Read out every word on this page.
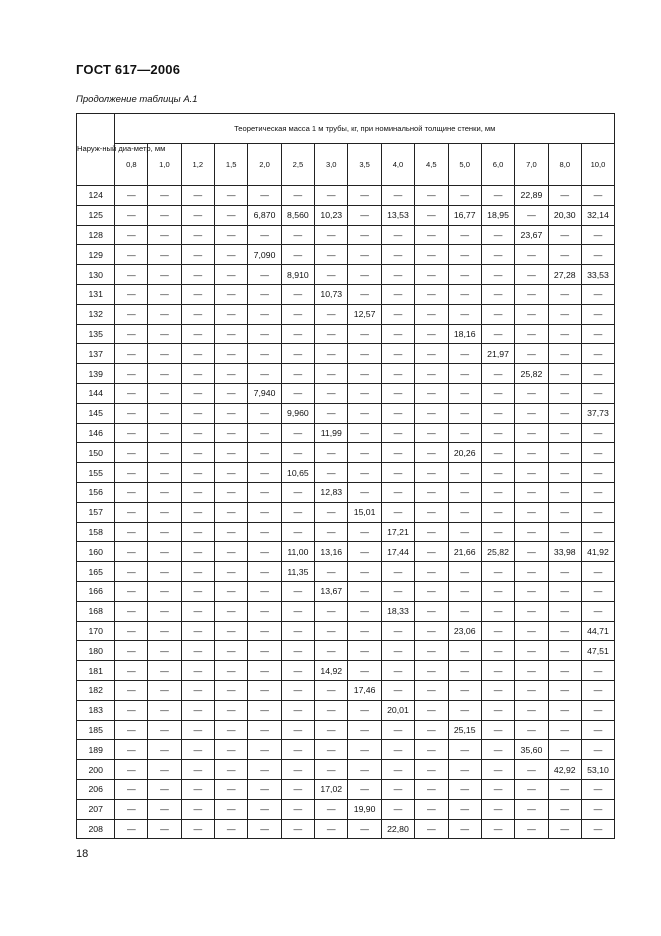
ГОСТ 617—2006
Продолжение таблицы А.1
Наруж-ный диа-метр, мм	Теоретическая масса 1 м трубы, кг, при номинальной толщине стенки, мм														
	0,8	1,0	1,2	1,5	2,0	2,5	3,0	3,5	4,0	4,5	5,0	6,0	7,0	8,0	10,0
124	—	—	—	—	—	—	—	—	—	—	—	—	22,89	—	—
125	—	—	—	—	6,870	8,560	10,23	—	13,53	—	16,77	18,95	—	20,30	32,14
128	—	—	—	—	—	—	—	—	—	—	—	—	23,67	—	—
129	—	—	—	—	7,090	—	—	—	—	—	—	—	—	—	—
130	—	—	—	—	—	8,910	—	—	—	—	—	—	—	27,28	33,53
131	—	—	—	—	—	—	10,73	—	—	—	—	—	—	—	—
132	—	—	—	—	—	—	—	12,57	—	—	—	—	—	—	—
135	—	—	—	—	—	—	—	—	—	—	18,16	—	—	—	—
137	—	—	—	—	—	—	—	—	—	—	—	21,97	—	—	—
139	—	—	—	—	—	—	—	—	—	—	—	—	25,82	—	—
144	—	—	—	—	7,940	—	—	—	—	—	—	—	—	—	—
145	—	—	—	—	—	9,960	—	—	—	—	—	—	—	—	37,73
146	—	—	—	—	—	—	11,99	—	—	—	—	—	—	—	—
150	—	—	—	—	—	—	—	—	—	—	20,26	—	—	—	—
155	—	—	—	—	—	10,65	—	—	—	—	—	—	—	—	—
156	—	—	—	—	—	—	12,83	—	—	—	—	—	—	—	—
157	—	—	—	—	—	—	—	15,01	—	—	—	—	—	—	—
158	—	—	—	—	—	—	—	—	17,21	—	—	—	—	—	—
160	—	—	—	—	—	11,00	13,16	—	17,44	—	21,66	25,82	—	33,98	41,92
165	—	—	—	—	—	11,35	—	—	—	—	—	—	—	—	—
166	—	—	—	—	—	—	13,67	—	—	—	—	—	—	—	—
168	—	—	—	—	—	—	—	—	18,33	—	—	—	—	—	—
170	—	—	—	—	—	—	—	—	—	—	23,06	—	—	—	44,71
180	—	—	—	—	—	—	—	—	—	—	—	—	—	—	47,51
181	—	—	—	—	—	—	14,92	—	—	—	—	—	—	—	—
182	—	—	—	—	—	—	—	17,46	—	—	—	—	—	—	—
183	—	—	—	—	—	—	—	—	20,01	—	—	—	—	—	—
185	—	—	—	—	—	—	—	—	—	—	25,15	—	—	—	—
189	—	—	—	—	—	—	—	—	—	—	—	—	35,60	—	—
200	—	—	—	—	—	—	—	—	—	—	—	—	—	42,92	53,10
206	—	—	—	—	—	—	17,02	—	—	—	—	—	—	—	—
207	—	—	—	—	—	—	—	19,90	—	—	—	—	—	—	—
208	—	—	—	—	—	—	—	—	22,80	—	—	—	—	—	—
18
